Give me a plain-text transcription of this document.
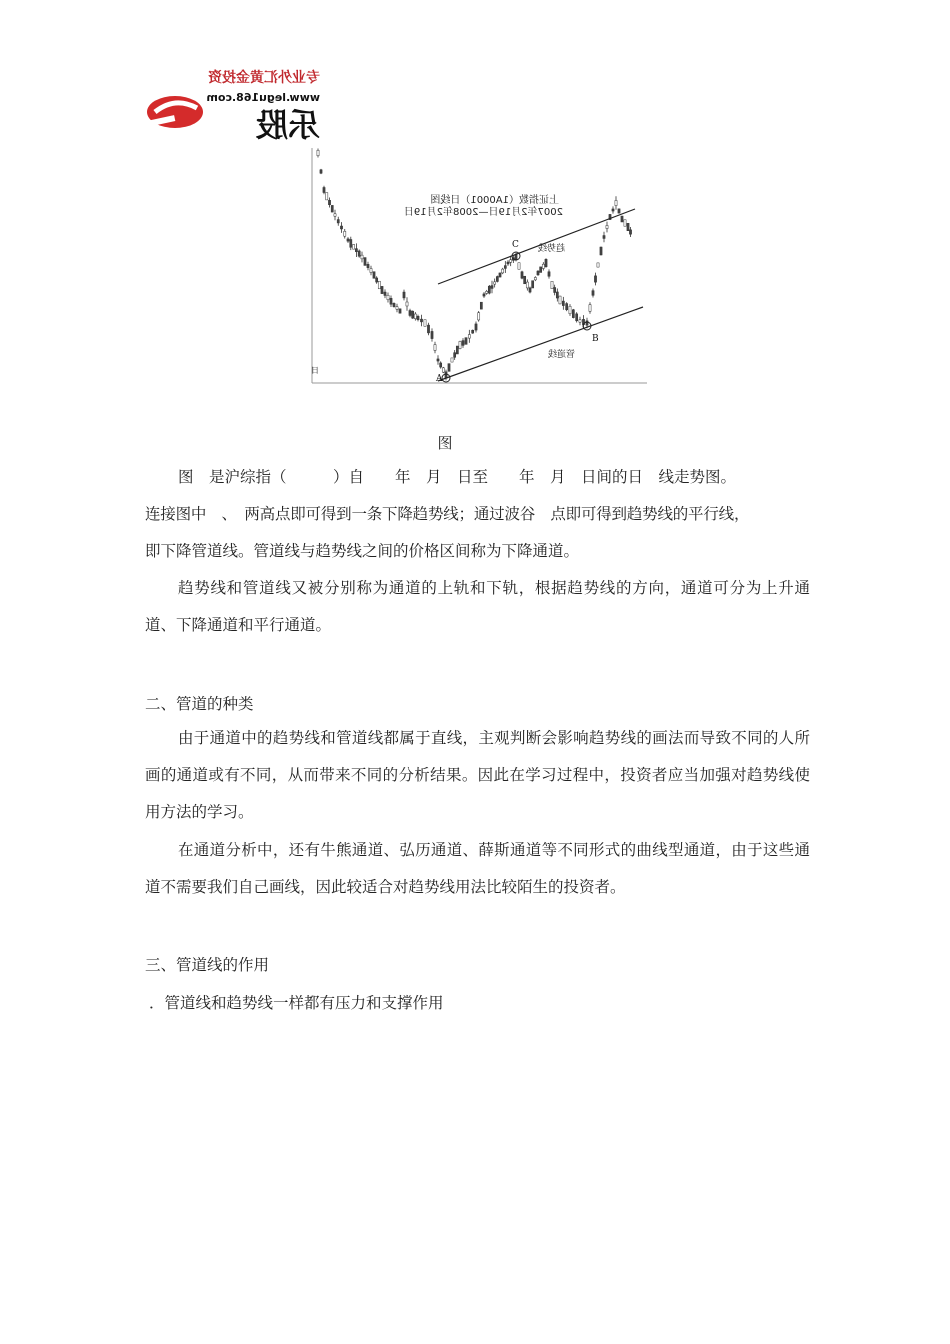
专业外汇黄金投资
www.legu168.com
乐股
A
B
C
上证指数（1A0001）日线图
2007年2月19日—2008年2月19日
趋势线
管道线
日
图
图　是沪综指（　　　）自　　年　月　日至　　年　月　日间的日　线走势图。
连接图中　、　两高点即可得到一条下降趋势线；通过波谷　点即可得到趋势线的平行线，
即下降管道线。管道线与趋势线之间的价格区间称为下降通道。
趋势线和管道线又被分别称为通道的上轨和下轨，根据趋势线的方向，通道可分为上升通道、下降通道和平行通道。
二、管道的种类
由于通道中的趋势线和管道线都属于直线，主观判断会影响趋势线的画法而导致不同的人所画的通道或有不同，从而带来不同的分析结果。因此在学习过程中，投资者应当加强对趋势线使用方法的学习。
在通道分析中，还有牛熊通道、弘历通道、薛斯通道等不同形式的曲线型通道，由于这些通道不需要我们自己画线，因此较适合对趋势线用法比较陌生的投资者。
三、管道线的作用
．管道线和趋势线一样都有压力和支撑作用
